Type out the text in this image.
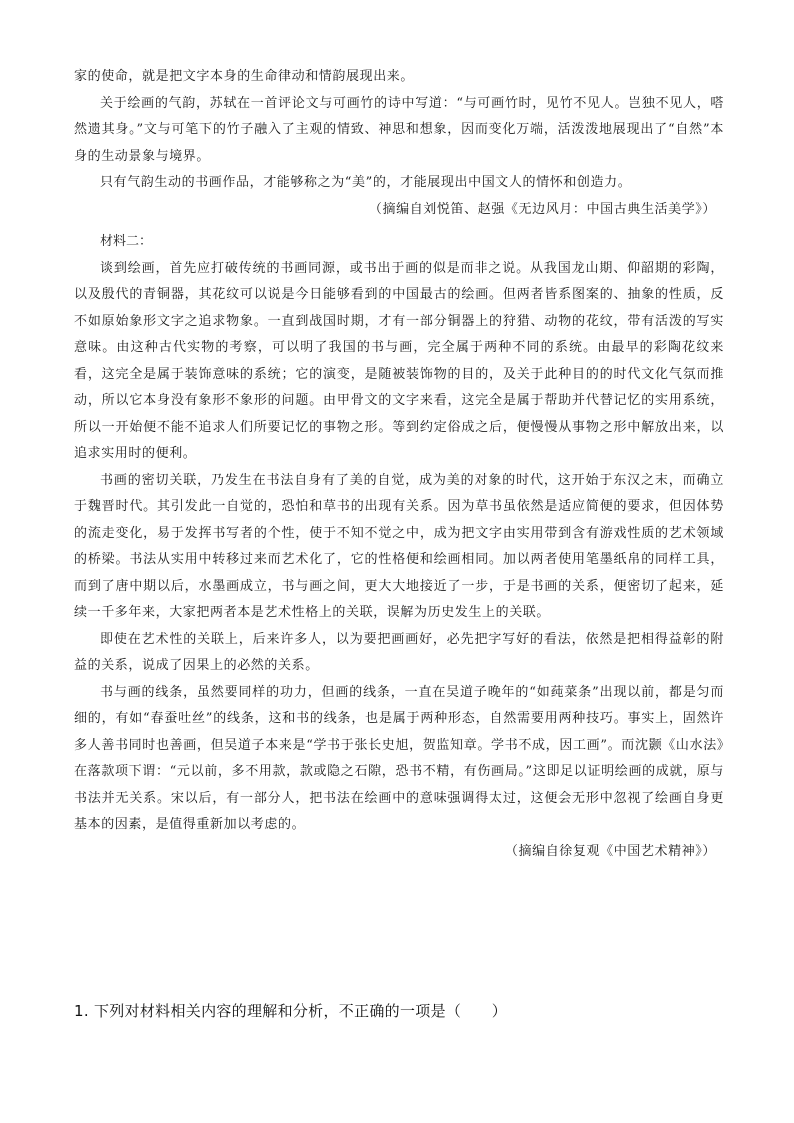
家的使命，就是把文字本身的生命律动和情韵展现出来。

关于绘画的气韵，苏轼在一首评论文与可画竹的诗中写道：“与可画竹时，见竹不见人。岂独不见人，嗒然遗其身。”文与可笔下的竹子融入了主观的情致、神思和想象，因而变化万端，活泼泼地展现出了“自然”本身的生动景象与境界。

只有气韵生动的书画作品，才能够称之为“美”的，才能展现出中国文人的情怀和创造力。

（摘编自刘悦笛、赵强《无边风月：中国古典生活美学》）

材料二：

谈到绘画，首先应打破传统的书画同源，或书出于画的似是而非之说。从我国龙山期、仰韶期的彩陶，以及殷代的青铜器，其花纹可以说是今日能够看到的中国最古的绘画。但两者皆系图案的、抽象的性质，反不如原始象形文字之追求物象。一直到战国时期，才有一部分铜器上的狩猎、动物的花纹，带有活泼的写实意味。由这种古代实物的考察，可以明了我国的书与画，完全属于两种不同的系统。由最早的彩陶花纹来看，这完全是属于装饰意味的系统；它的演变，是随被装饰物的目的，及关于此种目的的时代文化气氛而推动，所以它本身没有象形不象形的问题。由甲骨文的文字来看，这完全是属于帮助并代替记忆的实用系统，所以一开始便不能不追求人们所要记忆的事物之形。等到约定俗成之后，便慢慢从事物之形中解放出来，以追求实用时的便利。

书画的密切关联，乃发生在书法自身有了美的自觉，成为美的对象的时代，这开始于东汉之末，而确立于魏晋时代。其引发此一自觉的，恐怕和草书的出现有关系。因为草书虽依然是适应简便的要求，但因体势的流走变化，易于发挥书写者的个性，使于不知不觉之中，成为把文字由实用带到含有游戏性质的艺术领域的桥梁。书法从实用中转移过来而艺术化了，它的性格便和绘画相同。加以两者使用笔墨纸帛的同样工具，而到了唐中期以后，水墨画成立，书与画之间，更大大地接近了一步，于是书画的关系，便密切了起来，延续一千多年来，大家把两者本是艺术性格上的关联，误解为历史发生上的关联。

即使在艺术性的关联上，后来许多人，以为要把画画好，必先把字写好的看法，依然是把相得益彰的附益的关系，说成了因果上的必然的关系。

书与画的线条，虽然要同样的功力，但画的线条，一直在吴道子晚年的“如莼菜条”出现以前，都是匀而细的，有如“春蚕吐丝”的线条，这和书的线条，也是属于两种形态，自然需要用两种技巧。事实上，固然许多人善书同时也善画，但吴道子本来是“学书于张长史旭，贺监知章。学书不成，因工画”。而沈颢《山水法》在落款项下谓：“元以前，多不用款，款或隐之石隙，恐书不精，有伤画局。”这即足以证明绘画的成就，原与书法并无关系。宋以后，有一部分人，把书法在绘画中的意味强调得太过，这便会无形中忽视了绘画自身更基本的因素，是值得重新加以考虑的。

（摘编自徐复观《中国艺术精神》）

1. 下列对材料相关内容的理解和分析，不正确的一项是（　　）
